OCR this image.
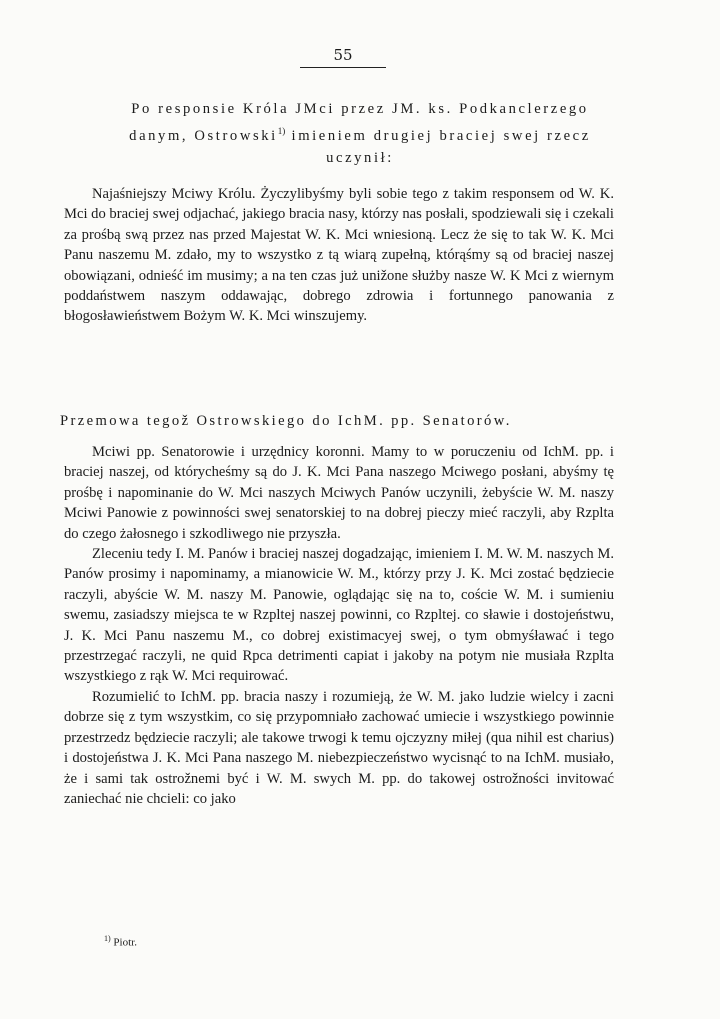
55
Po responsie Króla JMci przez JM. ks. Podkanclerzego
danym, Ostrowski$^{1)}$ imieniem drugiej braciej swej rzecz
uczynił:

Najaśniejszy Mciwy Królu. Życzylibyśmy byli sobie tego z takim responsem od W. K. Mci do braciej swej odjachać, jakiego bracia nasy, którzy nas posłali, spodziewali się i czekali za prośbą swą przez nas przed Majestat W. K. Mci wniesioną. Lecz że się to tak W. K. Mci Panu naszemu M. zdało, my to wszystko z tą wiarą zupełną, którąśmy są od braciej naszej obowiązani, odnieść im musimy; a na ten czas już unižone służby nasze W. K Mci z wiernym poddaństwem naszym oddawając, dobrego zdrowia i fortunnego panowania z błogosławieństwem Bożym W. K. Mci winszujemy.

Przemowa tegož Ostrowskiego do IchM. pp. Senatorów.

Mciwi pp. Senatorowie i urzędnicy koronni. Mamy to w poruczeniu od IchM. pp. i braciej naszej, od którycheśmy są do J. K. Mci Pana naszego Mciwego posłani, abyśmy tę prośbę i napominanie do W. Mci naszych Mciwych Panów uczynili, żebyście W. M. naszy Mciwi Panowie z powinności swej senatorskiej to na dobrej pieczy mieć raczyli, aby Rzplta do czego żałosnego i szkodliwego nie przyszła.

Zleceniu tedy I. M. Panów i braciej naszej dogadzając, imieniem I. M. W. M. naszych M. Panów prosimy i napominamy, a mianowicie W. M., którzy przy J. K. Mci zostać będziecie raczyli, abyście W. M. naszy M. Panowie, oglądając się na to, coście W. M. i sumieniu swemu, zasiadszy miejsca te w Rzpltej naszej powinni, co Rzpltej. co sławie i dostojeństwu, J. K. Mci Panu naszemu M., co dobrej existimacyej swej, o tym obmyśławać i tego przestrzegać raczyli, ne quid Rpca detrimenti capiat i jakoby na potym nie musiała Rzplta wszystkiego z rąk W. Mci requirować.

Rozumielić to IchM. pp. bracia naszy i rozumieją, że W. M. jako ludzie wielcy i zacni dobrze się z tym wszystkim, co się przypomniało zachować umiecie i wszystkiego powinnie przestrzedz będziecie raczyli; ale takowe trwogi k temu ojczyzny miłej (qua nihil est charius) i dostojeństwa J. K. Mci Pana naszego M. niebezpieczeństwo wycisnąć to na IchM. musiało, że i sami tak ostrožnemi być i W. M. swych M. pp. do takowej ostrožności invitować zaniechać nie chcieli: co jako

$^{1)}$ Piotr.
